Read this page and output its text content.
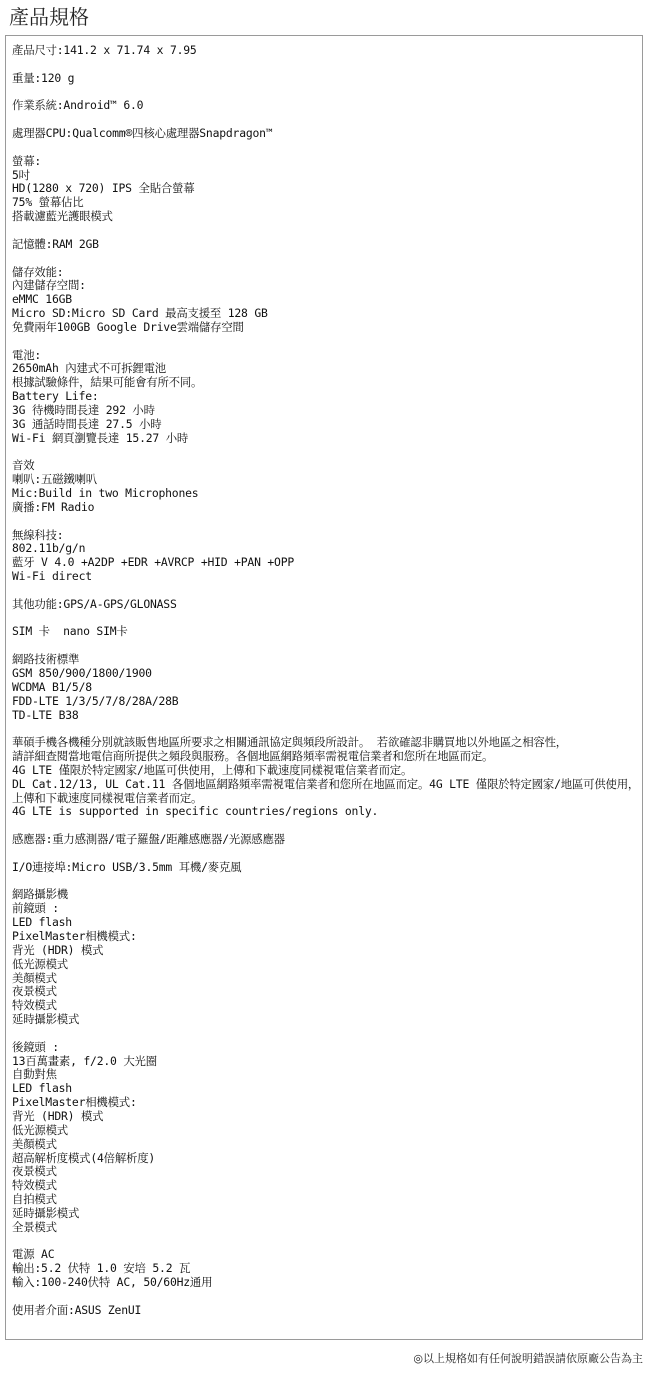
產品規格
產品尺寸:141.2 x 71.74 x 7.95
重量:120 g
作業系統:Android™ 6.0
處理器CPU:Qualcomm®四核心處理器Snapdragon™
螢幕:
5吋
HD(1280 x 720) IPS 全貼合螢幕
75% 螢幕佔比
搭載濾藍光護眼模式
記憶體:RAM 2GB
儲存效能:
內建儲存空間:
eMMC 16GB
Micro SD:Micro SD Card 最高支援至 128 GB
免費兩年100GB Google Drive雲端儲存空間
電池:
2650mAh 內建式不可拆鋰電池
根據試驗條件，結果可能會有所不同。
Battery Life:
3G 待機時間長達 292 小時
3G 通話時間長達 27.5 小時
Wi-Fi 網頁瀏覽長達 15.27 小時
音效
喇叭:五磁鐵喇叭
Mic:Build in two Microphones
廣播:FM Radio
無線科技:
802.11b/g/n
藍牙 V 4.0 +A2DP +EDR +AVRCP +HID +PAN +OPP
Wi-Fi direct
其他功能:GPS/A-GPS/GLONASS
SIM 卡  nano SIM卡
網路技術標準
GSM 850/900/1800/1900
WCDMA B1/5/8
FDD-LTE 1/3/5/7/8/28A/28B
TD-LTE B38
華碩手機各機種分別就該販售地區所要求之相關通訊協定與頻段所設計。 若欲確認非購買地以外地區之相容性，
請詳細查閱當地電信商所提供之頻段與服務。各個地區網路頻率需視電信業者和您所在地區而定。
4G LTE 僅限於特定國家/地區可供使用，上傳和下載速度同樣視電信業者而定。
DL Cat.12/13, UL Cat.11 各個地區網路頻率需視電信業者和您所在地區而定。4G LTE 僅限於特定國家/地區可供使用，
上傳和下載速度同樣視電信業者而定。
4G LTE is supported in specific countries/regions only.
感應器:重力感測器/電子羅盤/距離感應器/光源感應器
I/O連接埠:Micro USB/3.5mm 耳機/麥克風
網路攝影機
前鏡頭 :
LED flash
PixelMaster相機模式:
背光 (HDR) 模式
低光源模式
美顏模式
夜景模式
特效模式
延時攝影模式
後鏡頭 :
13百萬畫素, f/2.0 大光圈
自動對焦
LED flash
PixelMaster相機模式:
背光 (HDR) 模式
低光源模式
美顏模式
超高解析度模式(4倍解析度)
夜景模式
特效模式
自拍模式
延時攝影模式
全景模式
電源 AC
輸出:5.2 伏特 1.0 安培 5.2 瓦
輸入:100-240伏特 AC, 50/60Hz通用
使用者介面:ASUS ZenUI
◎以上規格如有任何說明錯誤請依原廠公告為主
